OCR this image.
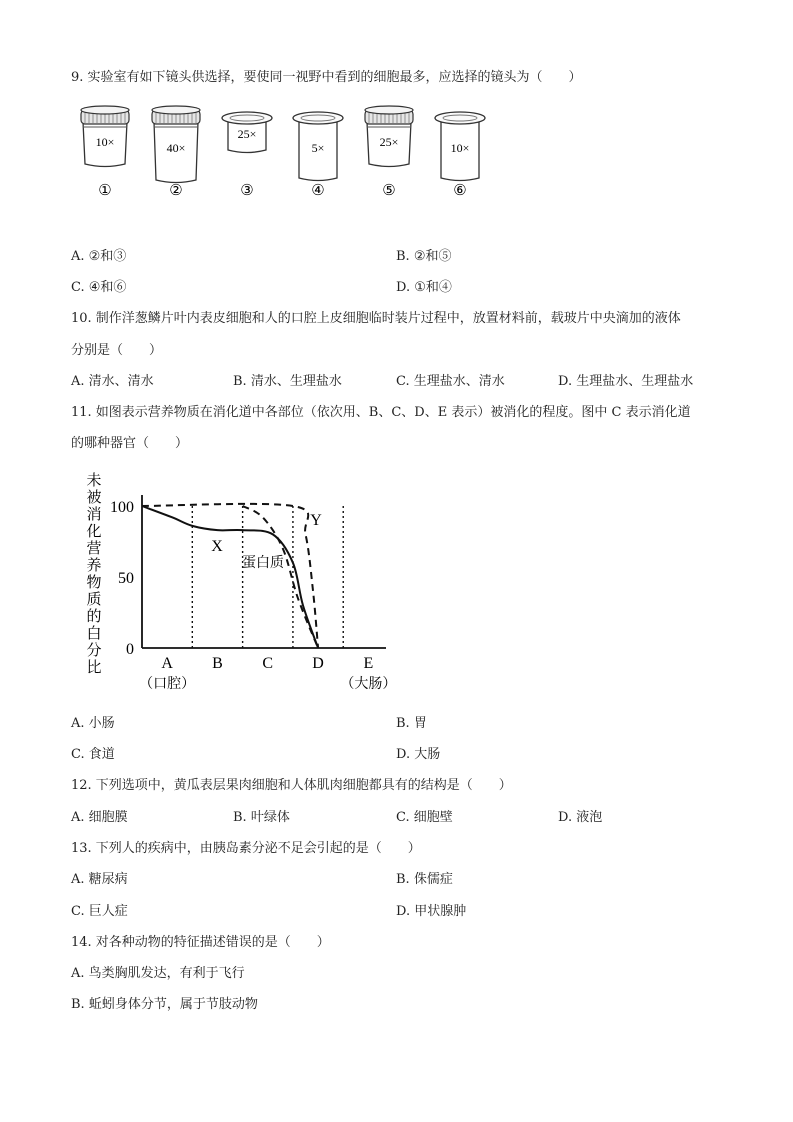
9. 实验室有如下镜头供选择，要使同一视野中看到的细胞最多，应选择的镜头为（　　）
10×
①
40×
②
25×
③
5×
④
25×
⑤
10×
⑥
A. ②和③	B. ②和⑤
C. ④和⑥	D. ①和④
10. 制作洋葱鳞片叶内表皮细胞和人的口腔上皮细胞临时装片过程中，放置材料前，载玻片中央滴加的液体
分别是（　　）
A. 清水、清水	B. 清水、生理盐水	C. 生理盐水、清水	D. 生理盐水、生理盐水
11. 如图表示营养物质在消化道中各部位（依次用、B、C、D、E 表示）被消化的程度。图中 C 表示消化道
的哪种器官（　　）
未
被
消
化
营
养
物
质
的
白
分
比
100
50
0
A
（口腔）
B C D E
（大肠）
X
Y
蛋白质
A. 小肠	B. 胃
C. 食道	D. 大肠
12. 下列选项中，黄瓜表层果肉细胞和人体肌肉细胞都具有的结构是（　　）
A. 细胞膜	B. 叶绿体	C. 细胞壁	D. 液泡
13. 下列人的疾病中，由胰岛素分泌不足会引起的是（　　）
A. 糖尿病	B. 侏儒症
C. 巨人症	D. 甲状腺肿
14. 对各种动物的特征描述错误的是（　　）
A. 鸟类胸肌发达，有利于飞行
B. 蚯蚓身体分节，属于节肢动物
